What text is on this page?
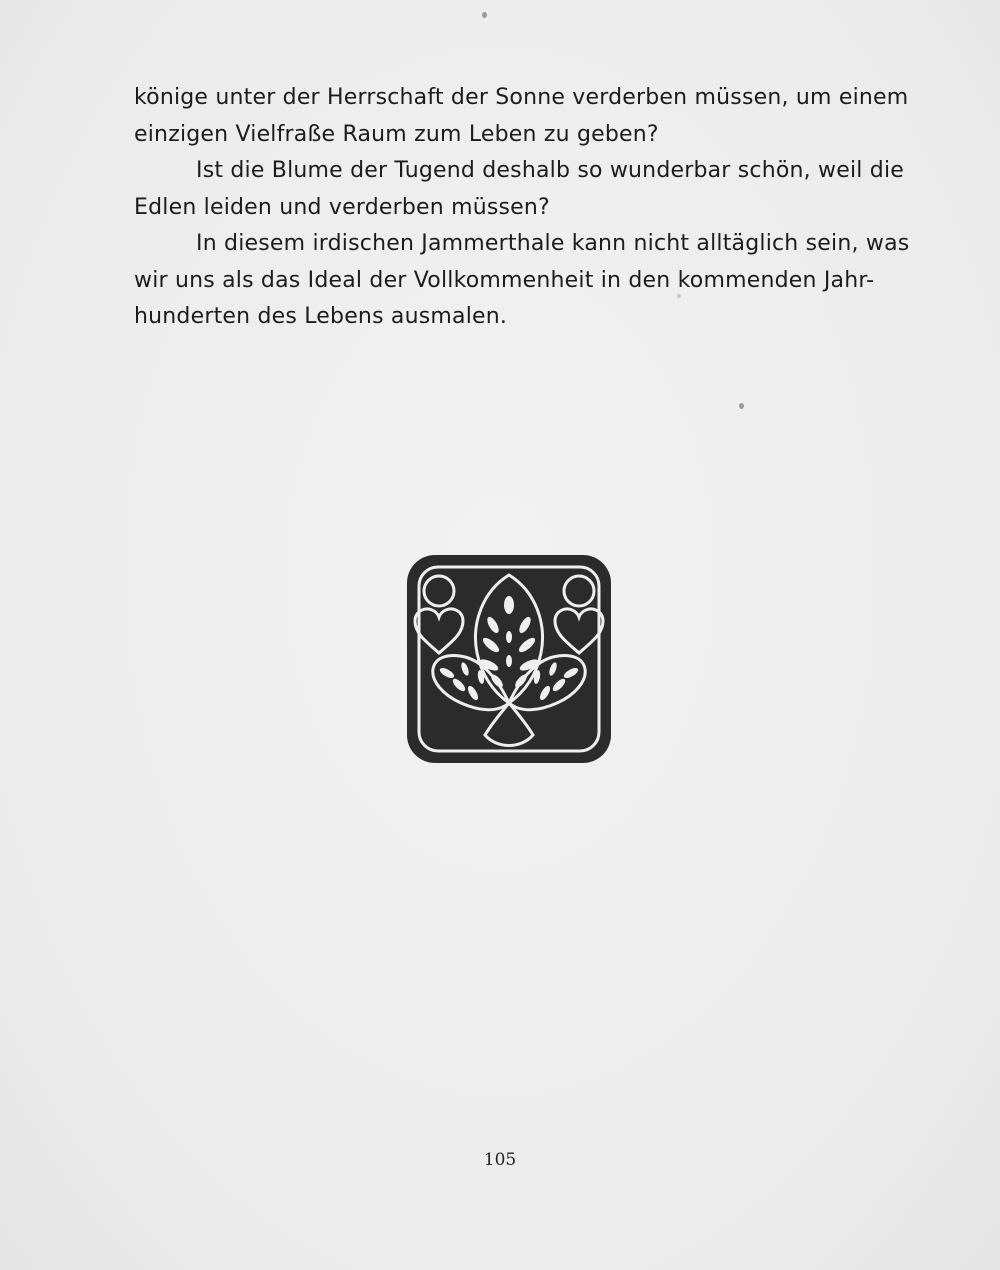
könige unter der Herrschaft der Sonne verderben müssen, um einem
einzigen Vielfraße Raum zum Leben zu geben?
Ist die Blume der Tugend deshalb so wunderbar schön, weil die
Edlen leiden und verderben müssen?
In diesem irdischen Jammerthale kann nicht alltäglich sein, was
wir uns als das Ideal der Vollkommenheit in den kommenden Jahr-
hunderten des Lebens ausmalen.
105
